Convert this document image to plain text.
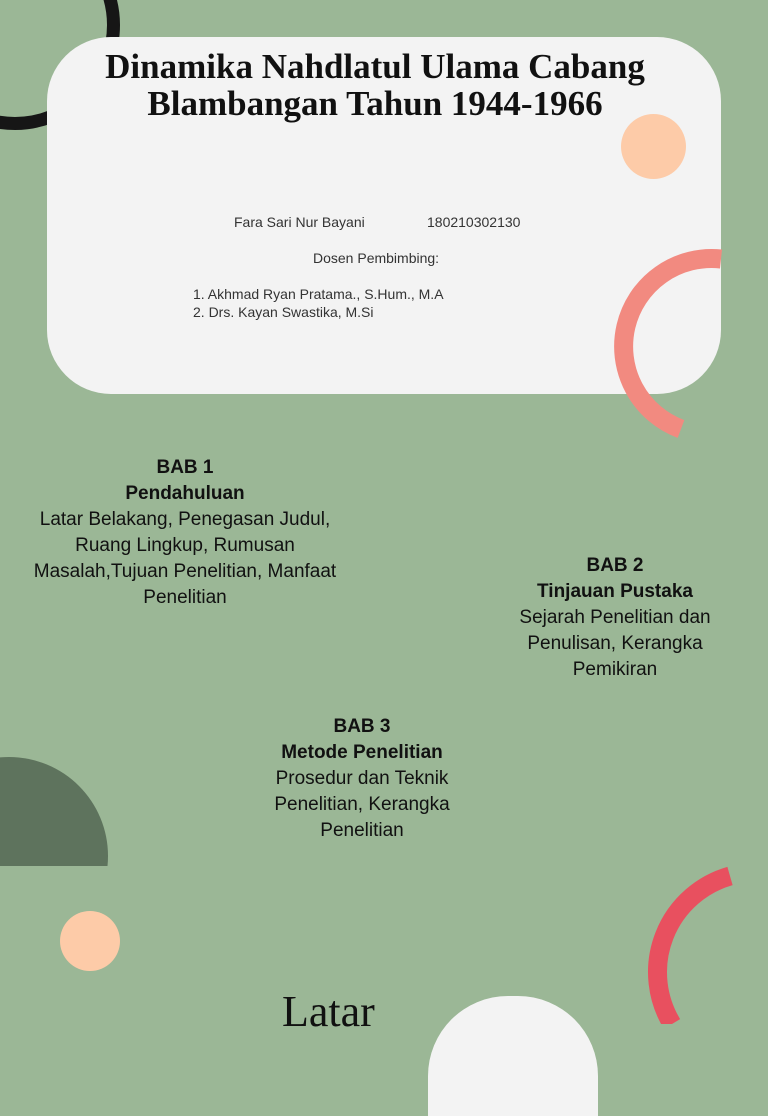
Dinamika Nahdlatul Ulama Cabang Blambangan Tahun 1944-1966
Fara Sari Nur Bayani	180210302130
Dosen Pembimbing:
1. Akhmad Ryan Pratama., S.Hum., M.A
2. Drs. Kayan Swastika, M.Si
BAB 1
Pendahuluan
Latar Belakang, Penegasan Judul, Ruang Lingkup, Rumusan Masalah,Tujuan Penelitian, Manfaat Penelitian
BAB 2
Tinjauan Pustaka
Sejarah Penelitian dan Penulisan, Kerangka Pemikiran
BAB 3
Metode Penelitian
Prosedur dan Teknik Penelitian, Kerangka Penelitian
Latar
